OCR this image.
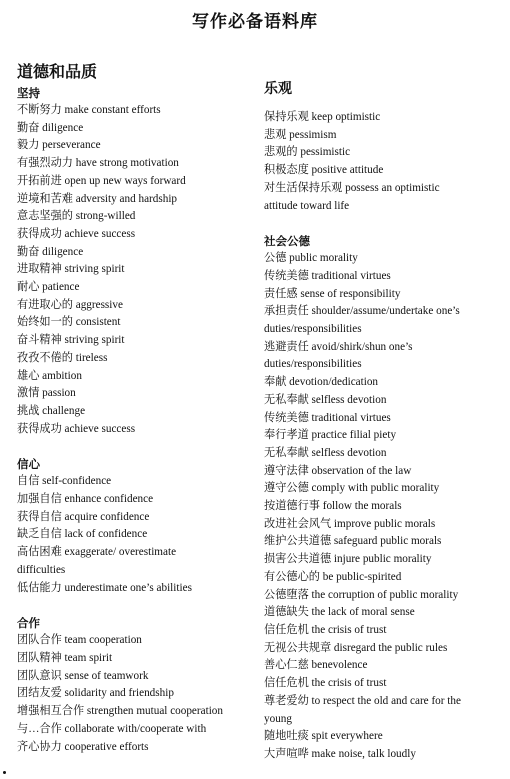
写作必备语料库
道德和品质
坚持
不断努力 make constant efforts
勤奋 diligence
毅力 perseverance
有强烈动力 have strong motivation
开拓前进 open up new ways forward
逆境和苦难 adversity and hardship
意志坚强的 strong-willed
获得成功 achieve success
勤奋 diligence
进取精神 striving spirit
耐心 patience
有进取心的 aggressive
始终如一的 consistent
奋斗精神 striving spirit
孜孜不倦的 tireless
雄心 ambition
激情 passion
挑战 challenge
获得成功 achieve success
信心
自信 self-confidence
加强自信 enhance confidence
获得自信 acquire confidence
缺乏自信 lack of confidence
高估困难 exaggerate/ overestimate
difficulties
低估能力 underestimate one’s abilities
合作
团队合作 team cooperation
团队精神 team spirit
团队意识 sense of teamwork
团结友爱 solidarity and friendship
增强相互合作 strengthen mutual cooperation
与…合作 collaborate with/cooperate with
齐心协力 cooperative efforts
乐观
保持乐观 keep optimistic
悲观 pessimism
悲观的 pessimistic
积极态度 positive attitude
对生活保持乐观 possess an optimistic
attitude toward life
社会公德
公德 public morality
传统美德 traditional virtues
责任感 sense of responsibility
承担责任 shoulder/assume/undertake one’s
duties/responsibilities
逃避责任 avoid/shirk/shun one’s
duties/responsibilities
奉献 devotion/dedication
无私奉献 selfless devotion
传统美德 traditional virtues
奉行孝道 practice filial piety
无私奉献 selfless devotion
遵守法律 observation of the law
遵守公德 comply with public morality
按道德行事 follow the morals
改进社会风气 improve public morals
维护公共道德 safeguard public morals
损害公共道德 injure public morality
有公德心的 be public-spirited
公德堕落 the corruption of public morality
道德缺失 the lack of moral sense
信任危机 the crisis of trust
无视公共规章 disregard the public rules
善心仁慈 benevolence
信任危机 the crisis of trust
尊老爱幼 to respect the old and care for the
young
随地吐痰 spit everywhere
大声喧哗 make noise, talk loudly
